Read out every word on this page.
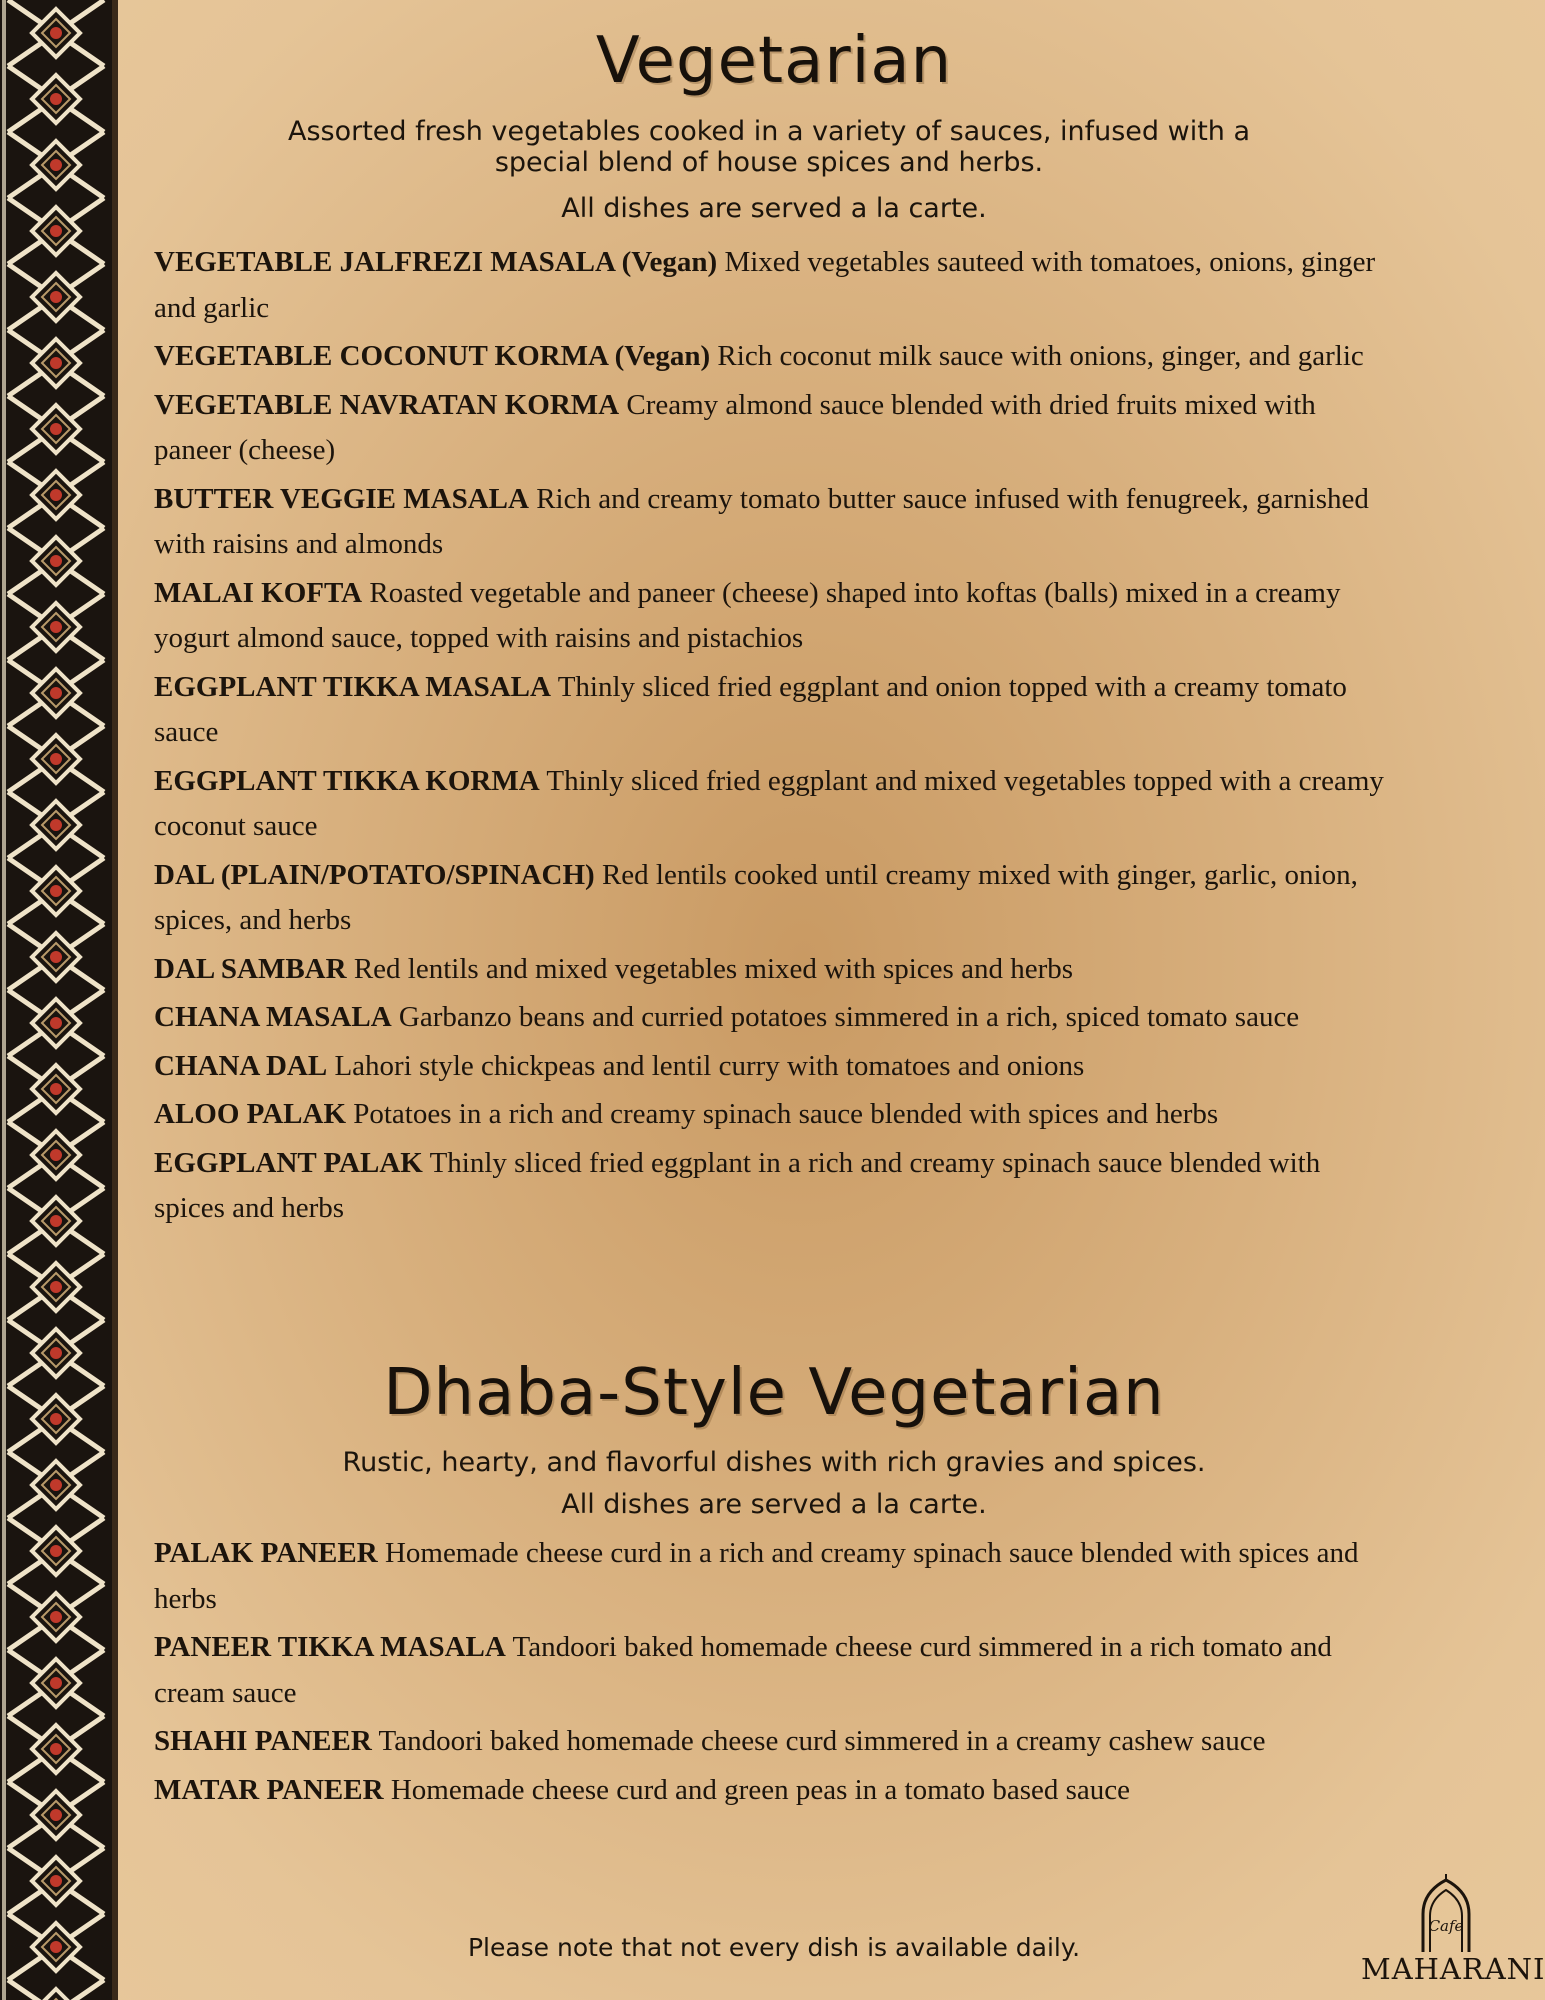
Vegetarian

Assorted fresh vegetables cooked in a variety of sauces, infused with a special blend of house spices and herbs.

All dishes are served a la carte.

VEGETABLE JALFREZI MASALA (Vegan) Mixed vegetables sauteed with tomatoes, onions, ginger and garlic
VEGETABLE COCONUT KORMA (Vegan) Rich coconut milk sauce with onions, ginger, and garlic
VEGETABLE NAVRATAN KORMA Creamy almond sauce blended with dried fruits mixed with paneer (cheese)
BUTTER VEGGIE MASALA Rich and creamy tomato butter sauce infused with fenugreek, garnished with raisins and almonds
MALAI KOFTA Roasted vegetable and paneer (cheese) shaped into koftas (balls) mixed in a creamy yogurt almond sauce, topped with raisins and pistachios
EGGPLANT TIKKA MASALA Thinly sliced fried eggplant and onion topped with a creamy tomato sauce
EGGPLANT TIKKA KORMA Thinly sliced fried eggplant and mixed vegetables topped with a creamy coconut sauce
DAL (PLAIN/POTATO/SPINACH) Red lentils cooked until creamy mixed with ginger, garlic, onion, spices, and herbs
DAL SAMBAR Red lentils and mixed vegetables mixed with spices and herbs
CHANA MASALA Garbanzo beans and curried potatoes simmered in a rich, spiced tomato sauce
CHANA DAL Lahori style chickpeas and lentil curry with tomatoes and onions
ALOO PALAK Potatoes in a rich and creamy spinach sauce blended with spices and herbs
EGGPLANT PALAK Thinly sliced fried eggplant in a rich and creamy spinach sauce blended with spices and herbs
Dhaba-Style Vegetarian

Rustic, hearty, and flavorful dishes with rich gravies and spices.

All dishes are served a la carte.

PALAK PANEER Homemade cheese curd in a rich and creamy spinach sauce blended with spices and herbs
PANEER TIKKA MASALA Tandoori baked homemade cheese curd simmered in a rich tomato and cream sauce
SHAHI PANEER Tandoori baked homemade cheese curd simmered in a creamy cashew sauce
MATAR PANEER Homemade cheese curd and green peas in a tomato based sauce
Please note that not every dish is available daily.
Cafe
MAHARANI
